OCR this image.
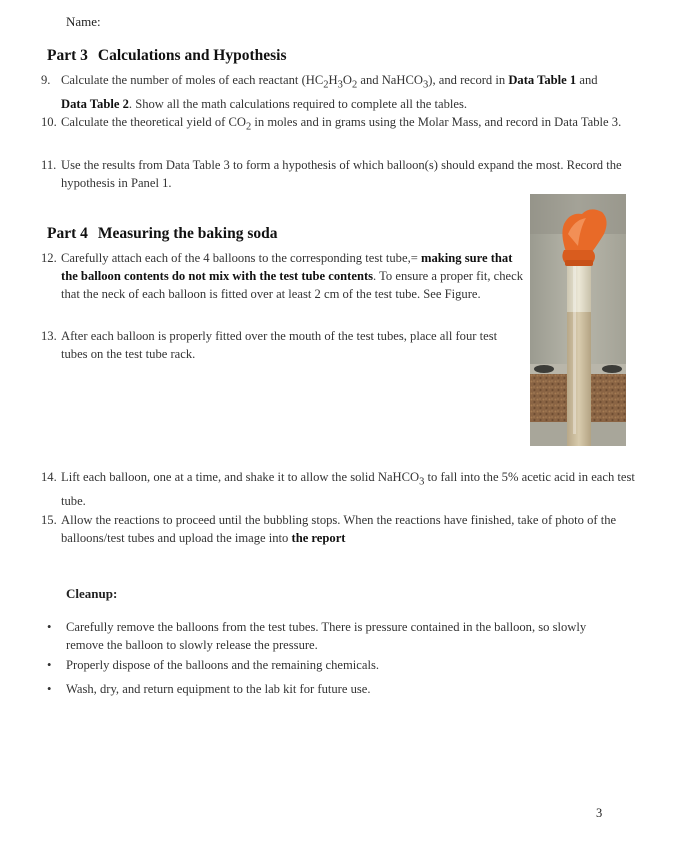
Name:
Part 3 Calculations and Hypothesis
9. Calculate the number of moles of each reactant ($HC_2H_3O_2$ and NaHCO$_3$), and record in Data Table 1 and
Data Table 2. Show all the math calculations required to complete all the tables.
10. Calculate the theoretical yield of $CO_2$ in moles and in grams using the Molar Mass, and record in Data Table 3.
11. Use the results from Data Table 3 to form a hypothesis of which balloon(s) should expand the most. Record the hypothesis in Panel 1.
Part 4 Measuring the baking soda
12. Carefully attach each of the 4 balloons to the corresponding test tube,= making sure that the balloon contents do not mix with the test tube contents. To ensure a proper fit, check that the neck of each balloon is fitted over at least 2 cm of the test tube. See Figure.
13. After each balloon is properly fitted over the mouth of the test tubes, place all four test tubes on the test tube rack.
14. Lift each balloon, one at a time, and shake it to allow the solid NaHCO$_3$ to fall into the 5% acetic acid in each test tube.
15. Allow the reactions to proceed until the bubbling stops. When the reactions have finished, take of photo of the balloons/test tubes and upload the image into the report
Cleanup:
• Carefully remove the balloons from the test tubes. There is pressure contained in the balloon, so slowly remove the balloon to slowly release the pressure.
• Properly dispose of the balloons and the remaining chemicals.
• Wash, dry, and return equipment to the lab kit for future use.
3
